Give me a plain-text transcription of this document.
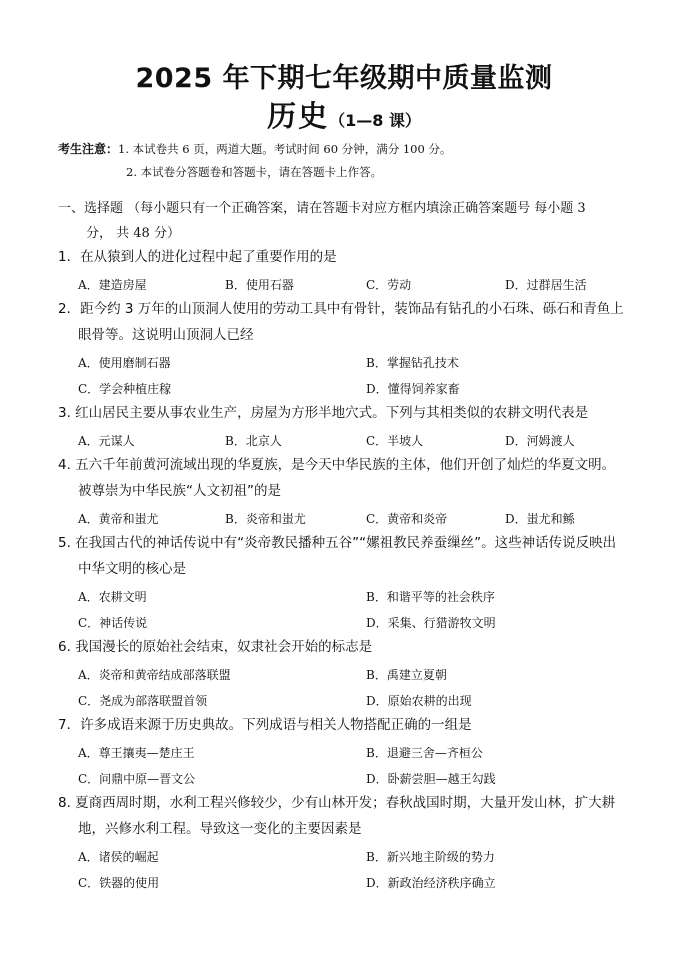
2025 年下期七年级期中质量监测
历史（1—8 课）
考生注意：1. 本试卷共 6 页，两道大题。考试时间 60 分钟，满分 100 分。
2. 本试卷分答题卷和答题卡，请在答题卡上作答。
一、选择题 （每小题只有一个正确答案，请在答题卡对应方框内填涂正确答案题号 每小题 3
分， 共 48 分）
1．在从猿到人的进化过程中起了重要作用的是
A．建造房屋	B．使用石器	C．劳动	D．过群居生活
2．距今约 3 万年的山顶洞人使用的劳动工具中有骨针，装饰品有钻孔的小石珠、砾石和青鱼上
眼骨等。这说明山顶洞人已经
A．使用磨制石器	B．掌握钻孔技术
C．学会种植庄稼	D．懂得饲养家畜
3. 红山居民主要从事农业生产，房屋为方形半地穴式。下列与其相类似的农耕文明代表是
A．元谋人	B．北京人	C．半坡人	D．河姆渡人
4. 五六千年前黄河流域出现的华夏族，是今天中华民族的主体，他们开创了灿烂的华夏文明。
被尊崇为中华民族“人文初祖”的是
A．黄帝和蚩尤	B．炎帝和蚩尤	C．黄帝和炎帝	D．蚩尤和鲧
5. 在我国古代的神话传说中有“炎帝教民播种五谷”“嫘祖教民养蚕缫丝”。这些神话传说反映出
中华文明的核心是
A．农耕文明	B．和谐平等的社会秩序
C．神话传说	D．采集、行猎游牧文明
6. 我国漫长的原始社会结束，奴隶社会开始的标志是
A．炎帝和黄帝结成部落联盟	B．禹建立夏朝
C．尧成为部落联盟首领	D．原始农耕的出现
7．许多成语来源于历史典故。下列成语与相关人物搭配正确的一组是
A．尊王攘夷—楚庄王	B．退避三舍—齐桓公
C．问鼎中原—晋文公	D．卧薪尝胆—越王勾践
8. 夏商西周时期，水利工程兴修较少，少有山林开发；春秋战国时期，大量开发山林，扩大耕
地，兴修水利工程。导致这一变化的主要因素是
A．诸侯的崛起	B．新兴地主阶级的势力
C．铁器的使用	D．新政治经济秩序确立
